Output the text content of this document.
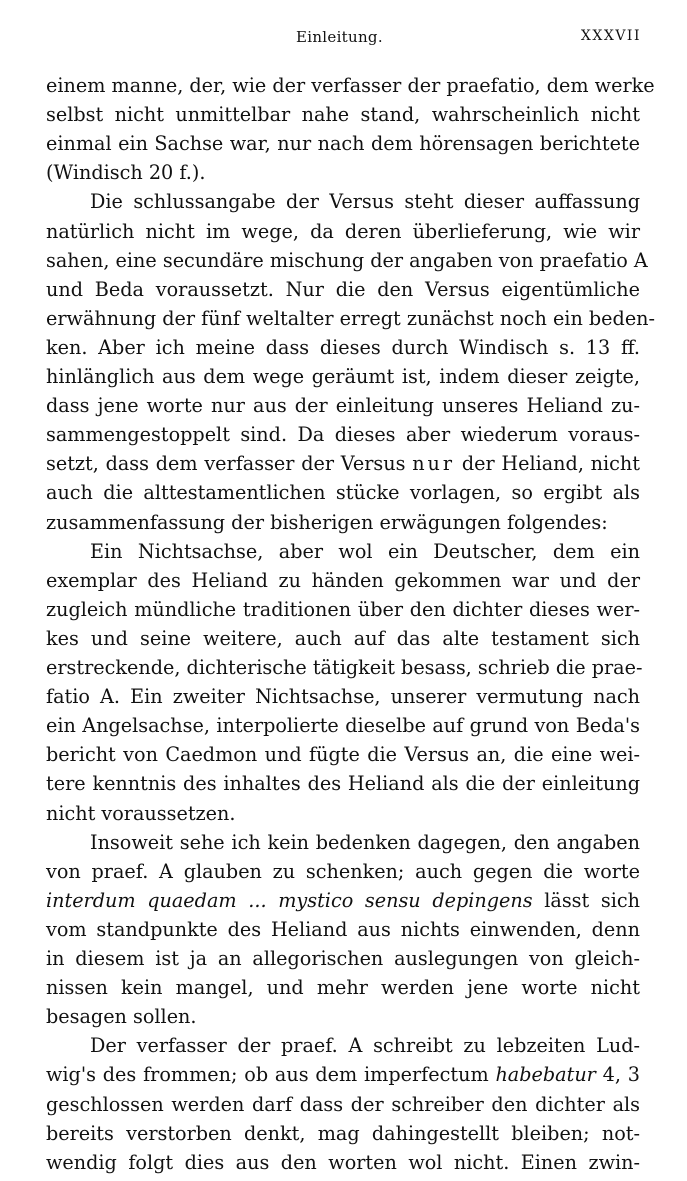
Einleitung.	XXXVII
einem manne, der, wie der verfasser der praefatio, dem werke
selbst nicht unmittelbar nahe stand, wahrscheinlich nicht
einmal ein Sachse war, nur nach dem hörensagen berichtete
(Windisch 20 f.).
Die schlussangabe der Versus steht dieser auffassung
natürlich nicht im wege, da deren überlieferung, wie wir
sahen, eine secundäre mischung der angaben von praefatio A
und Beda voraussetzt. Nur die den Versus eigentümliche
erwähnung der fünf weltalter erregt zunächst noch ein beden-
ken. Aber ich meine dass dieses durch Windisch s. 13 ff.
hinlänglich aus dem wege geräumt ist, indem dieser zeigte,
dass jene worte nur aus der einleitung unseres Heliand zu-
sammengestoppelt sind. Da dieses aber wiederum voraus-
setzt, dass dem verfasser der Versus nur der Heliand, nicht
auch die alttestamentlichen stücke vorlagen, so ergibt als
zusammenfassung der bisherigen erwägungen folgendes:
Ein Nichtsachse, aber wol ein Deutscher, dem ein
exemplar des Heliand zu händen gekommen war und der
zugleich mündliche traditionen über den dichter dieses wer-
kes und seine weitere, auch auf das alte testament sich
erstreckende, dichterische tätigkeit besass, schrieb die prae-
fatio A. Ein zweiter Nichtsachse, unserer vermutung nach
ein Angelsachse, interpolierte dieselbe auf grund von Beda's
bericht von Caedmon und fügte die Versus an, die eine wei-
tere kenntnis des inhaltes des Heliand als die der einleitung
nicht voraussetzen.
Insoweit sehe ich kein bedenken dagegen, den angaben
von praef. A glauben zu schenken; auch gegen die worte
interdum quaedam ... mystico sensu depingens lässt sich
vom standpunkte des Heliand aus nichts einwenden, denn
in diesem ist ja an allegorischen auslegungen von gleich-
nissen kein mangel, und mehr werden jene worte nicht
besagen sollen.
Der verfasser der praef. A schreibt zu lebzeiten Lud-
wig's des frommen; ob aus dem imperfectum habebatur 4, 3
geschlossen werden darf dass der schreiber den dichter als
bereits verstorben denkt, mag dahingestellt bleiben; not-
wendig folgt dies aus den worten wol nicht. Einen zwin-
